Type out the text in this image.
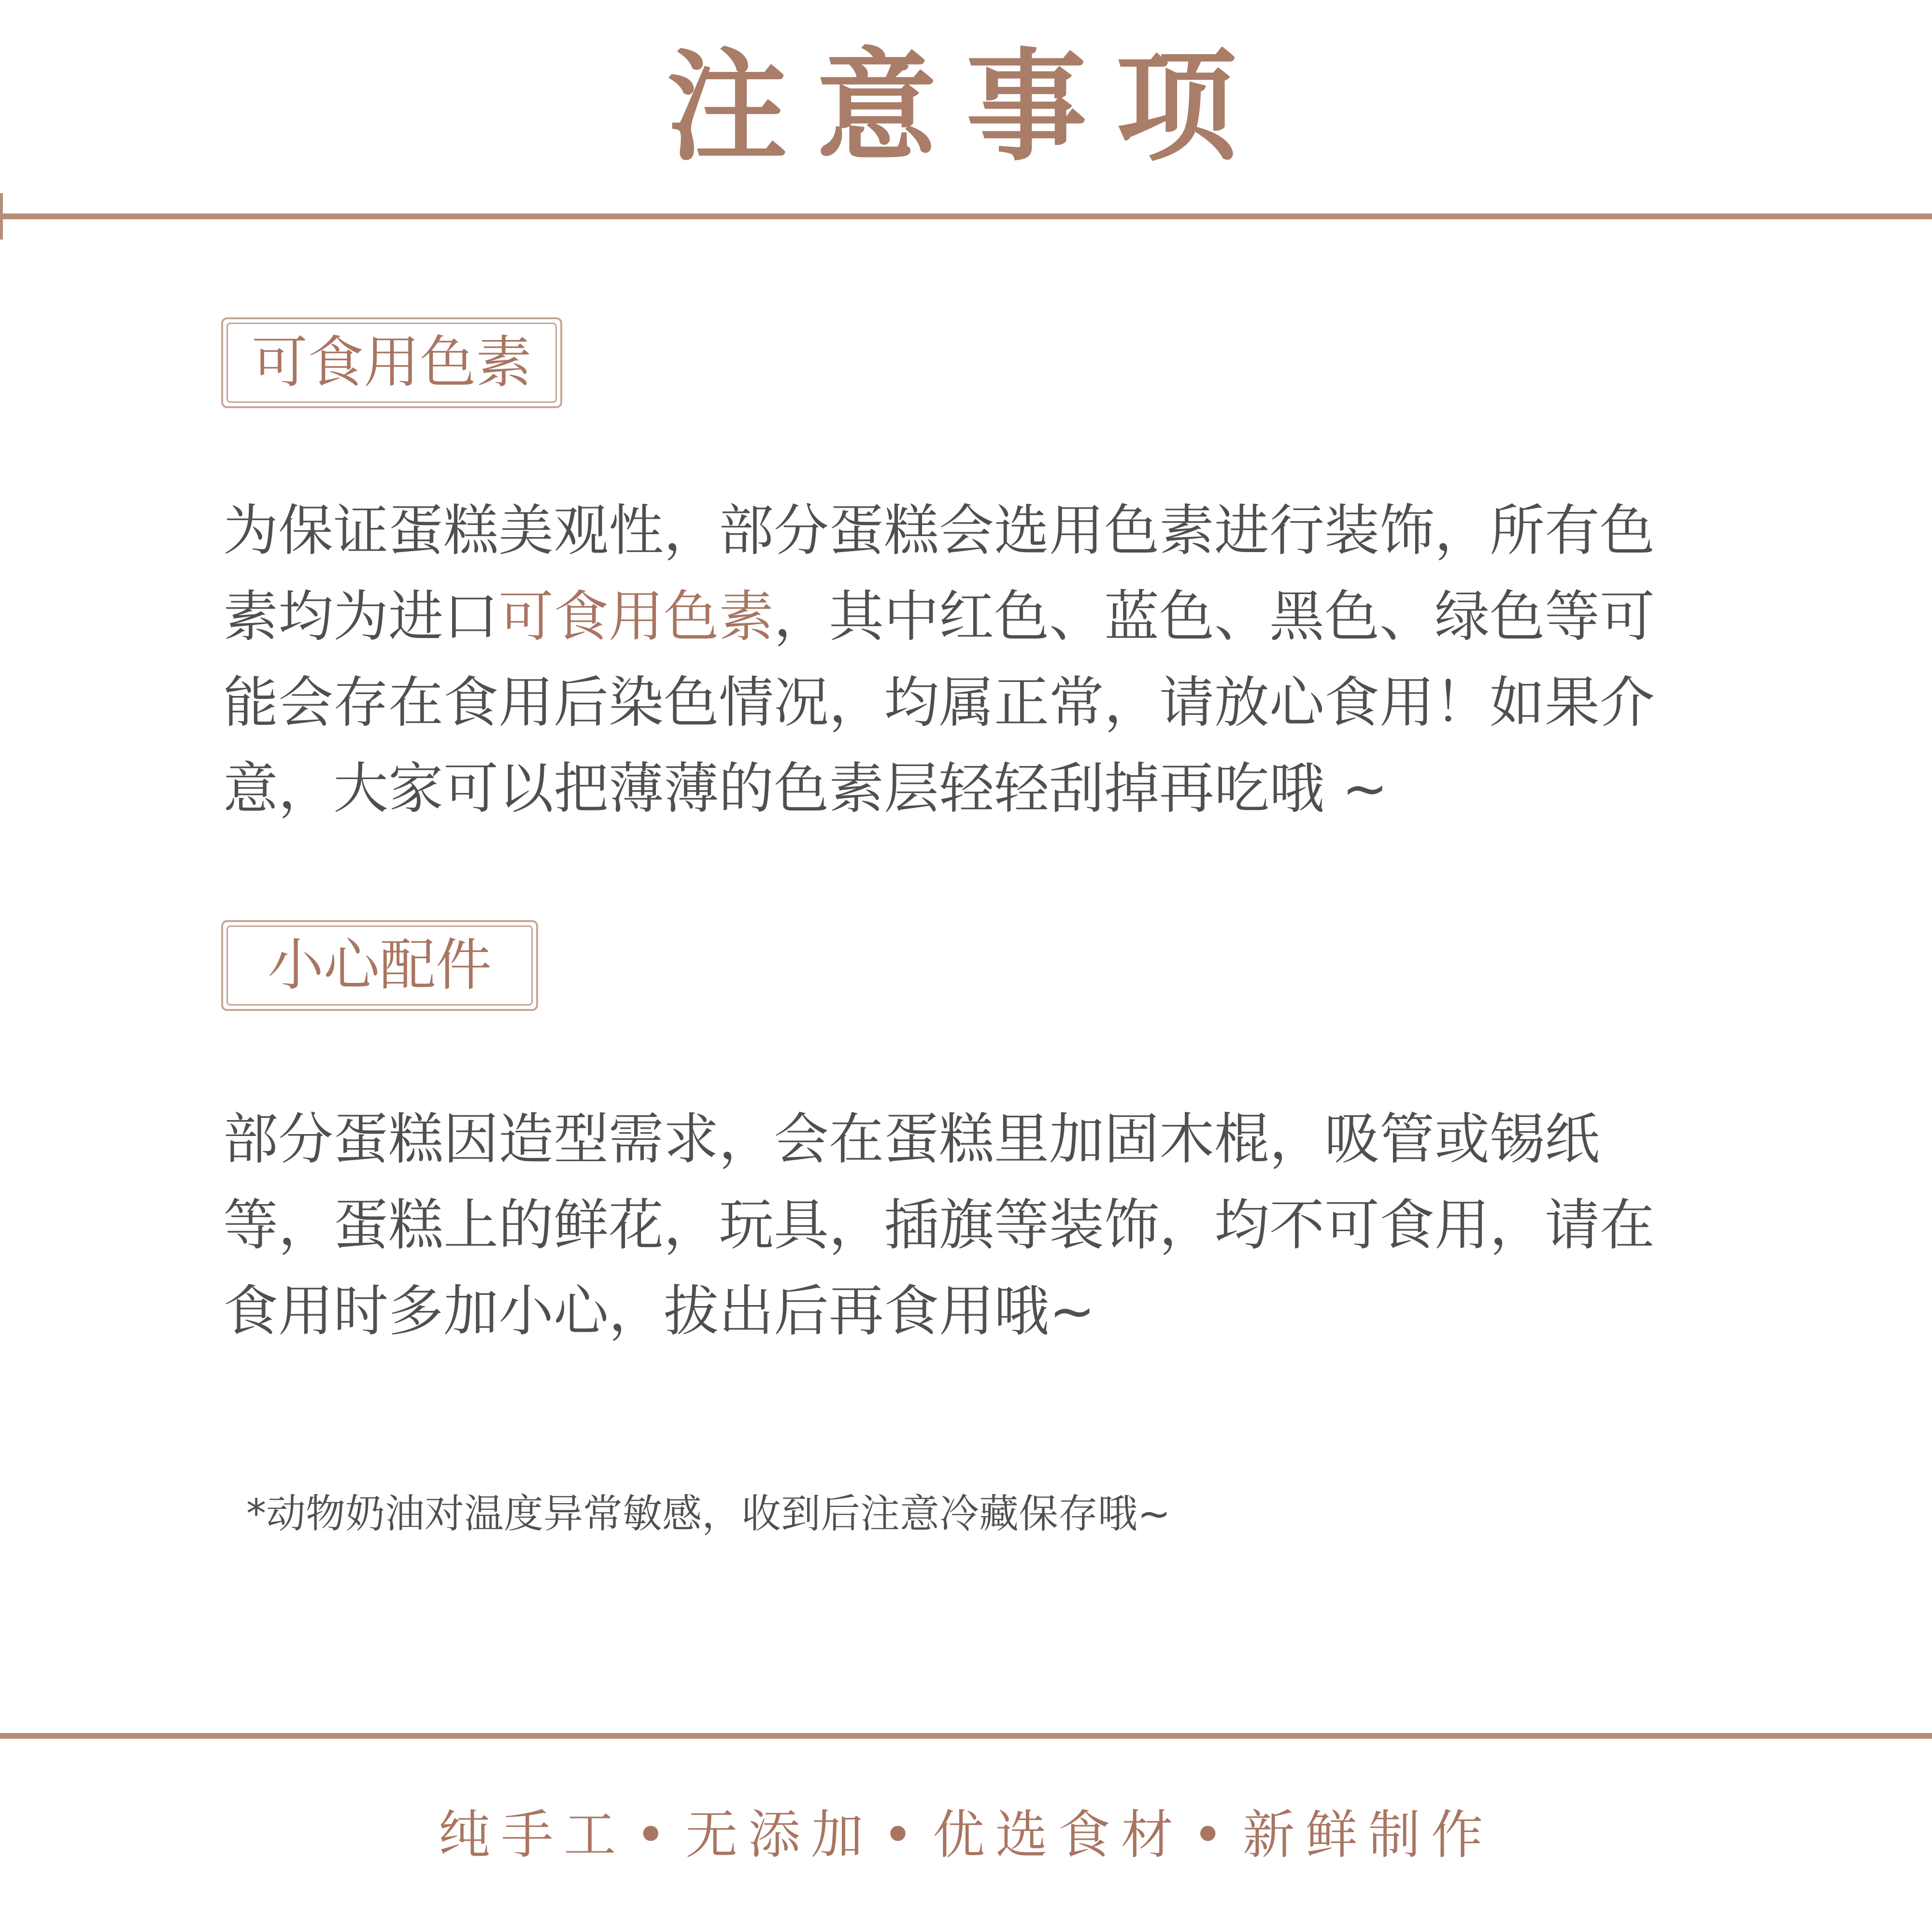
注意事项
可食用色素
为保证蛋糕美观性，部分蛋糕会选用色素进行装饰，所有色素均为进口可食用色素，其中红色、蓝色、黑色、绿色等可能会存在食用后染色情况，均属正常，请放心食用！如果介意，大家可以把薄薄的色素层轻轻刮掉再吃哦 ~
小心配件
部分蛋糕因造型需求，会在蛋糕里加固木棍，吸管或锡纸等，蛋糕上的鲜花，玩具，插旗等装饰，均不可食用，请在食用时多加小心，拔出后再食用哦~
*动物奶油对温度异常敏感，收到后注意冷藏保存哦~
纯手工 • 无添加 • 优选食材 • 新鲜制作
